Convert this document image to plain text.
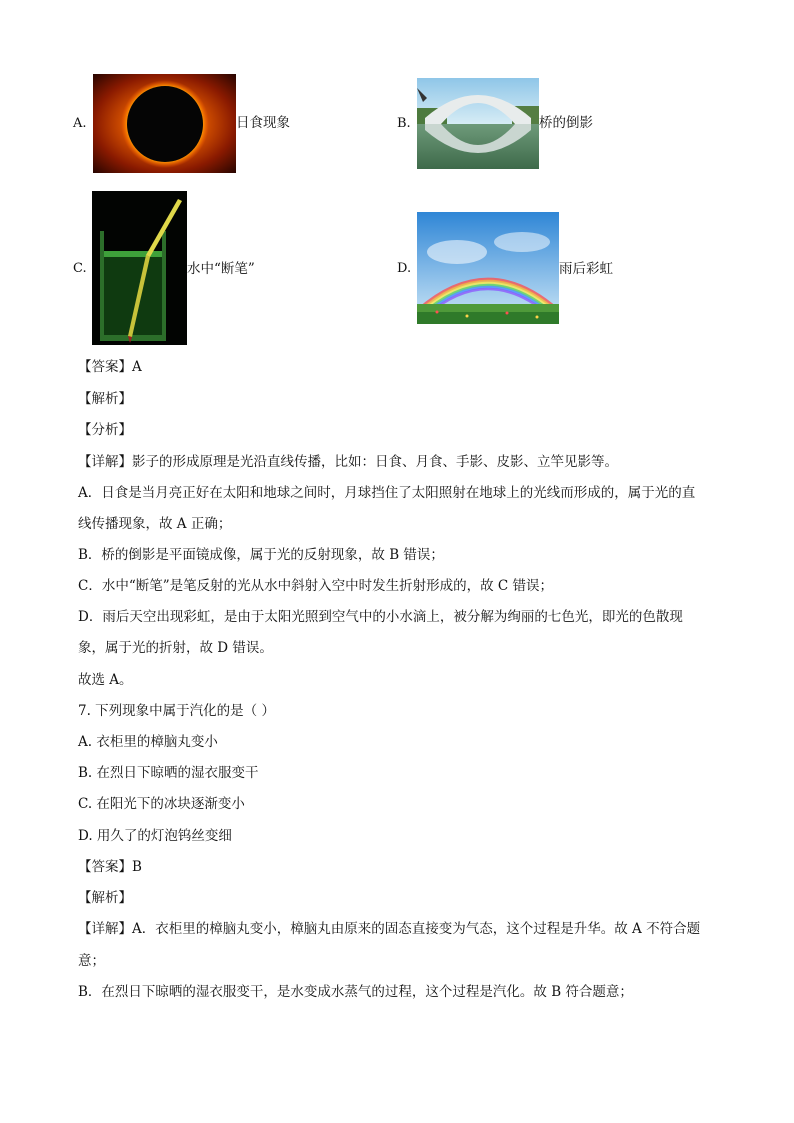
A.	日食现象	B.	桥的倒影
C.	水中“断笔”	D.	雨后彩虹
【答案】A
【解析】
【分析】
【详解】影子的形成原理是光沿直线传播，比如：日食、月食、手影、皮影、立竿见影等。
A．日食是当月亮正好在太阳和地球之间时，月球挡住了太阳照射在地球上的光线而形成的，属于光的直
线传播现象，故 A 正确；
B．桥的倒影是平面镜成像，属于光的反射现象，故 B 错误；
C．水中“断笔”是笔反射的光从水中斜射入空中时发生折射形成的，故 C 错误；
D．雨后天空出现彩虹，是由于太阳光照到空气中的小水滴上，被分解为绚丽的七色光，即光的色散现
象，属于光的折射，故 D 错误。
故选 A。
7. 下列现象中属于汽化的是（ ）
A. 衣柜里的樟脑丸变小
B. 在烈日下晾晒的湿衣服变干
C. 在阳光下的冰块逐渐变小
D. 用久了的灯泡钨丝变细
【答案】B
【解析】
【详解】A．衣柜里的樟脑丸变小，樟脑丸由原来的固态直接变为气态，这个过程是升华。故 A 不符合题
意；
B．在烈日下晾晒的湿衣服变干，是水变成水蒸气的过程，这个过程是汽化。故 B 符合题意；
